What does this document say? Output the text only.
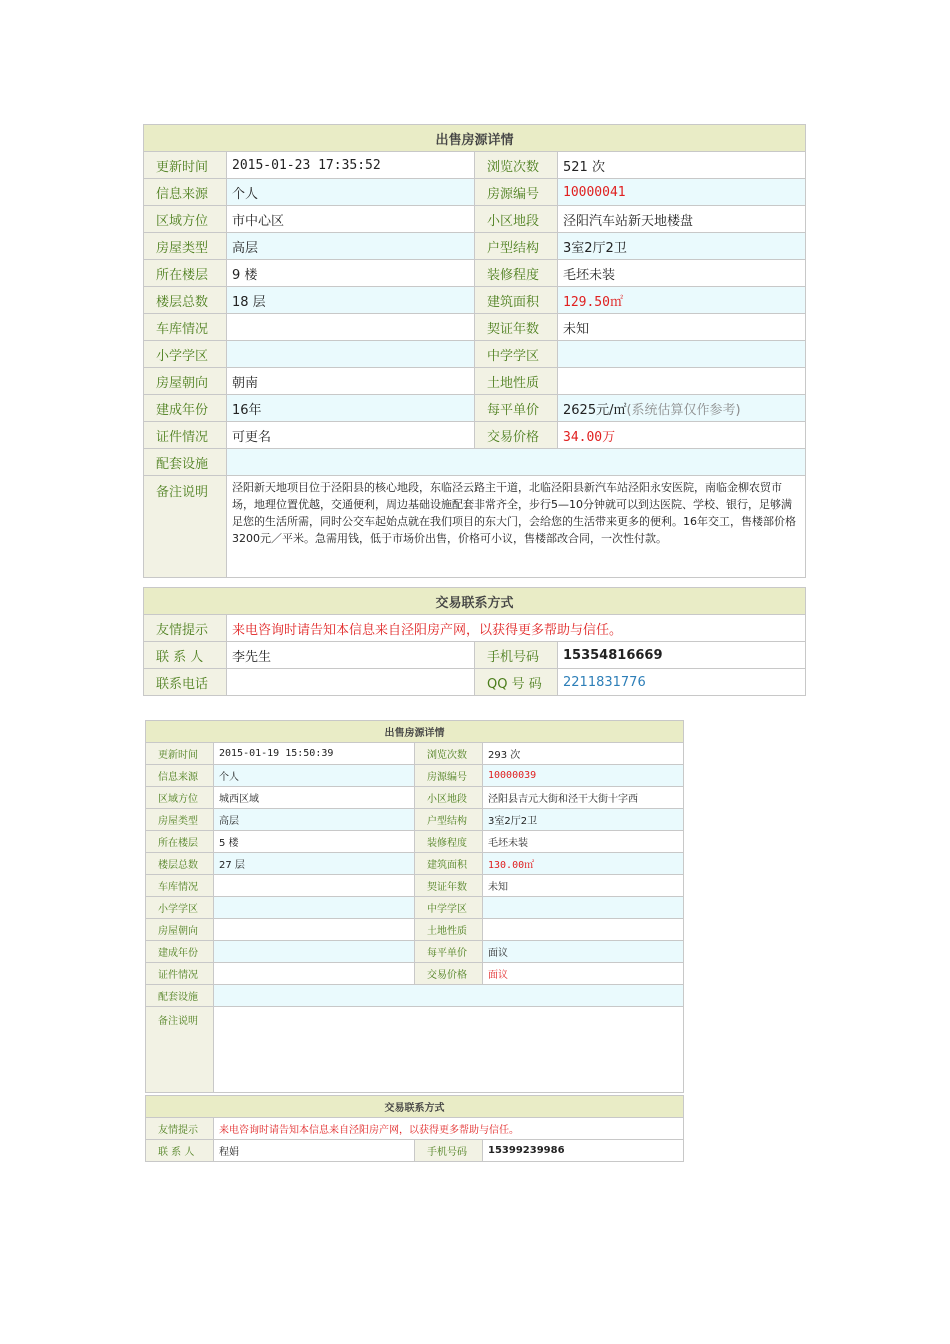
出售房源详情			
更新时间	2015-01-23 17:35:52	浏览次数	521 次
信息来源	个人	房源编号	10000041
区域方位	市中心区	小区地段	泾阳汽车站新天地楼盘
房屋类型	高层	户型结构	3室2厅2卫
所在楼层	9 楼	装修程度	毛坯未装
楼层总数	18 层	建筑面积	129.50㎡
车库情况		契证年数	未知
小学学区		中学学区	
房屋朝向	朝南	土地性质	
建成年份	16年	每平单价	2625元/㎡(系统估算仅作参考)
证件情况	可更名	交易价格	34.00万
配套设施			
备注说明	泾阳新天地项目位于泾阳县的核心地段，东临泾云路主干道，北临泾阳县新汽车站泾阳永安医院，南临金柳农贸市场，地理位置优越，交通便利，周边基础设施配套非常齐全，步行5—10分钟就可以到达医院、学校、银行，足够满足您的生活所需，同时公交车起始点就在我们项目的东大门，会给您的生活带来更多的便利。16年交工，售楼部价格3200元／平米。急需用钱，低于市场价出售，价格可小议，售楼部改合同，一次性付款。		
交易联系方式			
友情提示	来电咨询时请告知本信息来自泾阳房产网，以获得更多帮助与信任。		
联 系 人	李先生	手机号码	15354816669
联系电话		QQ 号 码	2211831776
出售房源详情			
更新时间	2015-01-19 15:50:39	浏览次数	293 次
信息来源	个人	房源编号	10000039
区域方位	城西区域	小区地段	泾阳县吉元大街和泾干大街十字西
房屋类型	高层	户型结构	3室2厅2卫
所在楼层	5 楼	装修程度	毛坯未装
楼层总数	27 层	建筑面积	130.00㎡
车库情况		契证年数	未知
小学学区		中学学区	
房屋朝向		土地性质	
建成年份		每平单价	面议
证件情况		交易价格	面议
配套设施			
备注说明			
交易联系方式			
友情提示	来电咨询时请告知本信息来自泾阳房产网，以获得更多帮助与信任。		
联 系 人	程娟	手机号码	15399239986
